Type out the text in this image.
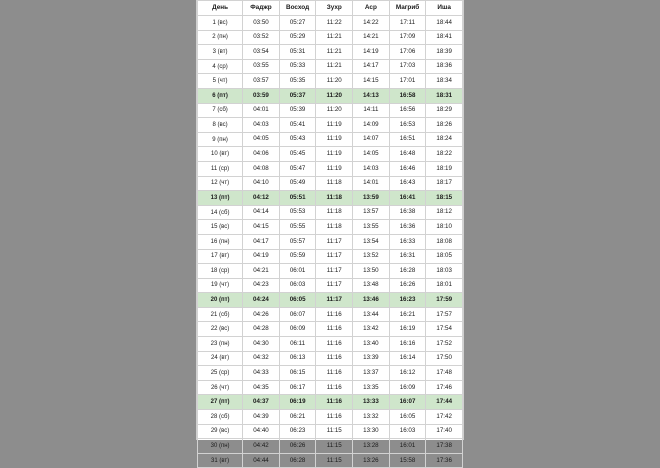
День	Фаджр	Восход	Зухр	Аср	Магриб	Иша
1 (вс)	03:50	05:27	11:22	14:22	17:11	18:44
2 (пн)	03:52	05:29	11:21	14:21	17:09	18:41
3 (вт)	03:54	05:31	11:21	14:19	17:06	18:39
4 (ср)	03:55	05:33	11:21	14:17	17:03	18:36
5 (чт)	03:57	05:35	11:20	14:15	17:01	18:34
6 (пт)	03:59	05:37	11:20	14:13	16:58	18:31
7 (сб)	04:01	05:39	11:20	14:11	16:56	18:29
8 (вс)	04:03	05:41	11:19	14:09	16:53	18:26
9 (пн)	04:05	05:43	11:19	14:07	16:51	18:24
10 (вт)	04:06	05:45	11:19	14:05	16:48	18:22
11 (ср)	04:08	05:47	11:19	14:03	16:46	18:19
12 (чт)	04:10	05:49	11:18	14:01	16:43	18:17
13 (пт)	04:12	05:51	11:18	13:59	16:41	18:15
14 (сб)	04:14	05:53	11:18	13:57	16:38	18:12
15 (вс)	04:15	05:55	11:18	13:55	16:36	18:10
16 (пн)	04:17	05:57	11:17	13:54	16:33	18:08
17 (вт)	04:19	05:59	11:17	13:52	16:31	18:05
18 (ср)	04:21	06:01	11:17	13:50	16:28	18:03
19 (чт)	04:23	06:03	11:17	13:48	16:26	18:01
20 (пт)	04:24	06:05	11:17	13:46	16:23	17:59
21 (сб)	04:26	06:07	11:16	13:44	16:21	17:57
22 (вс)	04:28	06:09	11:16	13:42	16:19	17:54
23 (пн)	04:30	06:11	11:16	13:40	16:16	17:52
24 (вт)	04:32	06:13	11:16	13:39	16:14	17:50
25 (ср)	04:33	06:15	11:16	13:37	16:12	17:48
26 (чт)	04:35	06:17	11:16	13:35	16:09	17:46
27 (пт)	04:37	06:19	11:16	13:33	16:07	17:44
28 (сб)	04:39	06:21	11:16	13:32	16:05	17:42
29 (вс)	04:40	06:23	11:15	13:30	16:03	17:40
30 (пн)	04:42	06:26	11:15	13:28	16:01	17:38
31 (вт)	04:44	06:28	11:15	13:26	15:58	17:36
